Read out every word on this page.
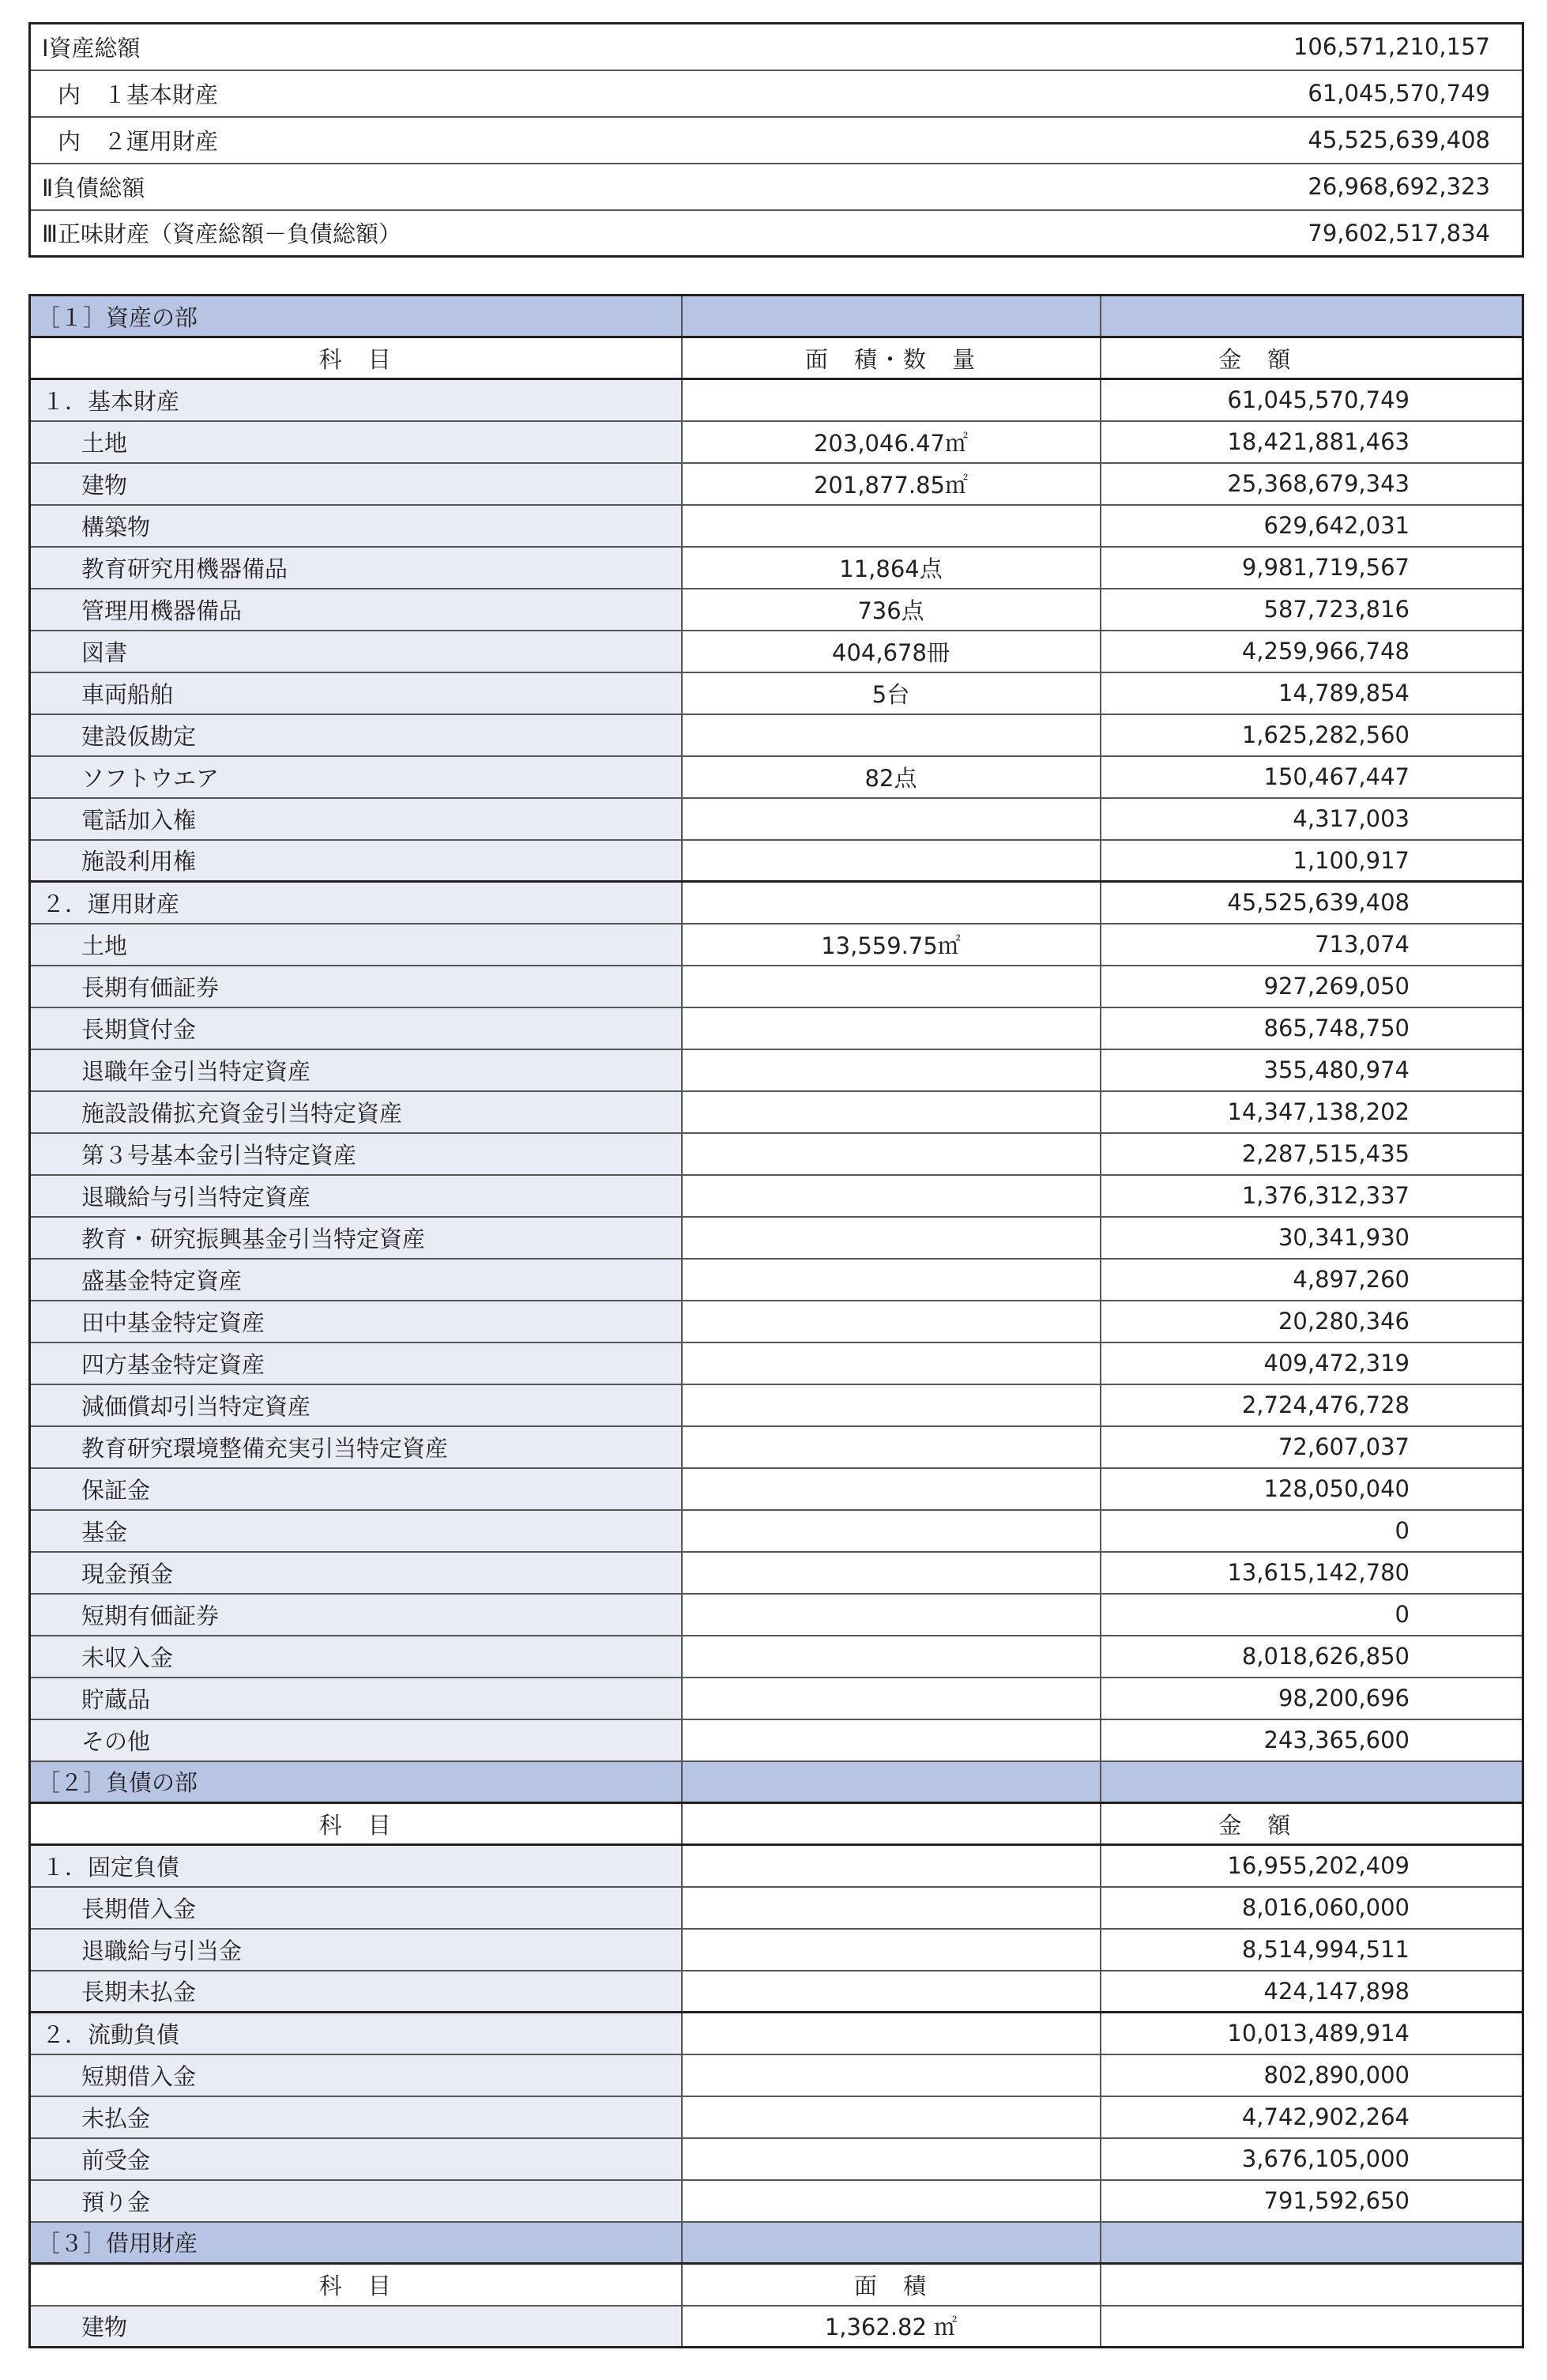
Ⅰ資産総額	106,571,210,157
内　１基本財産	61,045,570,749
内　２運用財産	45,525,639,408
Ⅱ負債総額	26,968,692,323
Ⅲ正味財産（資産総額－負債総額）	79,602,517,834
［１］資産の部		
科　目	面　積・数　量	金　額
１．基本財産		61,045,570,749
土地	203,046.47㎡	18,421,881,463
建物	201,877.85㎡	25,368,679,343
構築物		629,642,031
教育研究用機器備品	11,864点	9,981,719,567
管理用機器備品	736点	587,723,816
図書	404,678冊	4,259,966,748
車両船舶	5台	14,789,854
建設仮勘定		1,625,282,560
ソフトウエア	82点	150,467,447
電話加入権		4,317,003
施設利用権		1,100,917
２．運用財産		45,525,639,408
土地	13,559.75㎡	713,074
長期有価証券		927,269,050
長期貸付金		865,748,750
退職年金引当特定資産		355,480,974
施設設備拡充資金引当特定資産		14,347,138,202
第３号基本金引当特定資産		2,287,515,435
退職給与引当特定資産		1,376,312,337
教育・研究振興基金引当特定資産		30,341,930
盛基金特定資産		4,897,260
田中基金特定資産		20,280,346
四方基金特定資産		409,472,319
減価償却引当特定資産		2,724,476,728
教育研究環境整備充実引当特定資産		72,607,037
保証金		128,050,040
基金		0
現金預金		13,615,142,780
短期有価証券		0
未収入金		8,018,626,850
貯蔵品		98,200,696
その他		243,365,600
［２］負債の部		
科　目		金　額
１．固定負債		16,955,202,409
長期借入金		8,016,060,000
退職給与引当金		8,514,994,511
長期未払金		424,147,898
２．流動負債		10,013,489,914
短期借入金		802,890,000
未払金		4,742,902,264
前受金		3,676,105,000
預り金		791,592,650
［３］借用財産		
科　目	面　積	
建物	1,362.82 ㎡	
